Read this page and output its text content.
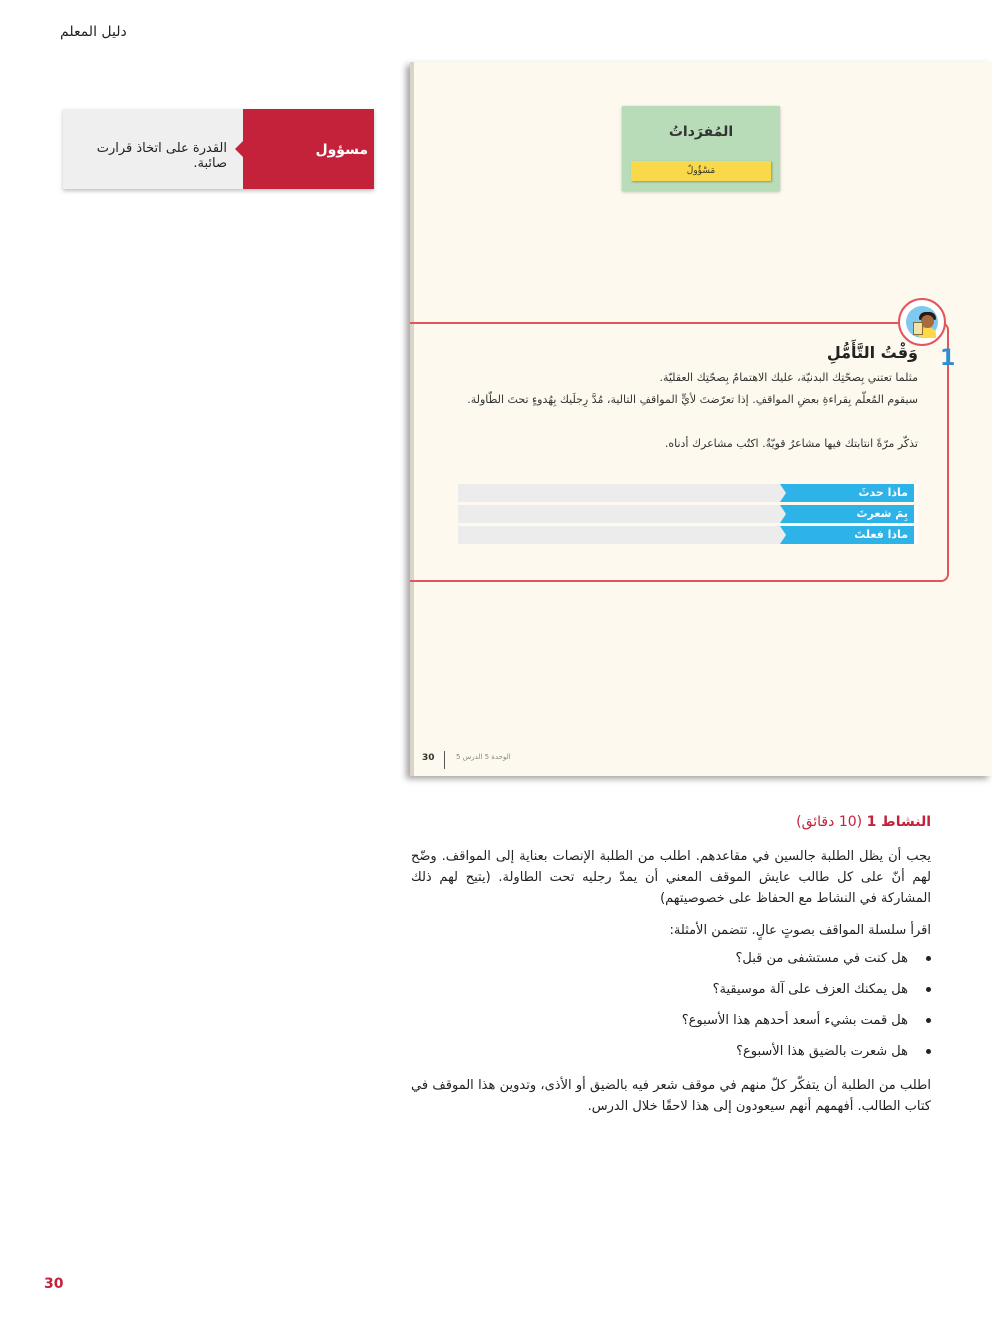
دليل المعلم
القدرة على اتخاذ قرارت صائبة.
مسؤول
المُفرَداتُ
مَسْؤُولٌ
1
وَقْتُ التَّأَمُّلِ
مثلما تعتني بِصحّتِك البدنيّة، عليك الاهتمامُ بِصحّتِك العقليّة.
سيقوم المُعلّم بِقراءةِ بعضِ المواقفِ. إذا تعرّضتَ لأيٍّ المواقفِ التالية، مُدَّ رِجلَيك بِهُدوءٍ تحتَ الطّاولة.
تذكّر مرّةً انتابتك فيها مشاعرُ قويّةٌ. اكتُب مشاعرك أدناه.
ماذا حدثَ
بِمَ شعرتَ
ماذا فعلتَ
30	الوحدة 5 الدرس 5
النشاط 1 (10 دقائق)
يجب أن يظل الطلبة جالسين في مقاعدهم. اطلب من الطلبة الإنصات بعناية إلى المواقف. وضّح لهم أنّ على كل طالب عايش الموقف المعني أن يمدّ رجليه تحت الطاولة. (يتيح لهم ذلك المشاركة في النشاط مع الحفاظ على خصوصيتهم)
اقرأ سلسلة المواقف بصوتٍ عالٍ. تتضمن الأمثلة:
هل كنت في مستشفى من قبل؟
هل يمكنك العزف على آلة موسيقية؟
هل قمت بشيء أسعد أحدهم هذا الأسبوع؟
هل شعرت بالضيق هذا الأسبوع؟
اطلب من الطلبة أن يتفكّر كلّ منهم في موقف شعر فيه بالضيق أو الأذى، وتدوين هذا الموقف في كتاب الطالب. أفهمهم أنهم سيعودون إلى هذا لاحقًا خلال الدرس.
30
